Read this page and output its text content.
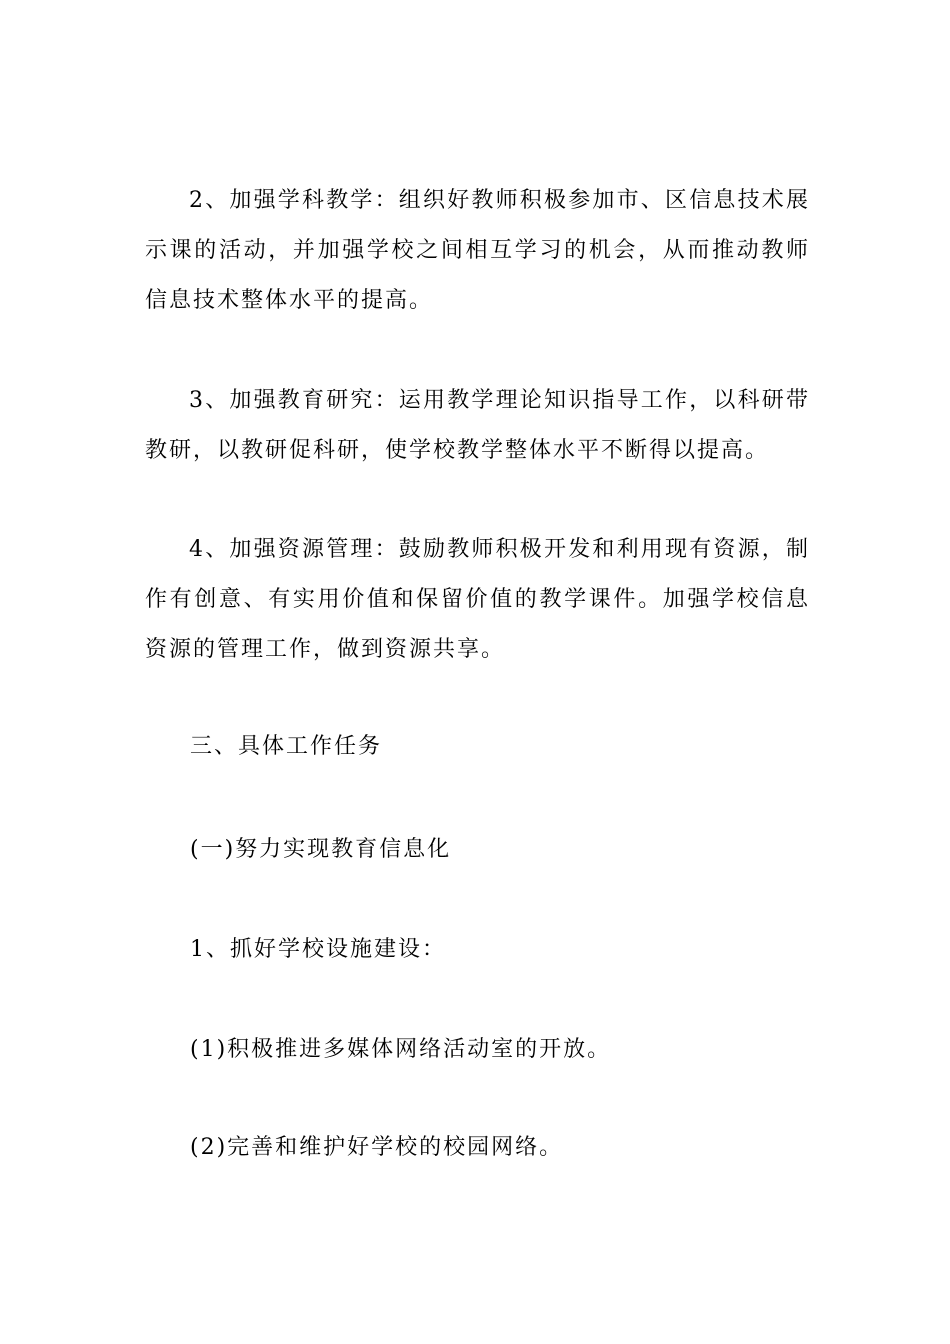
2、加强学科教学：组织好教师积极参加市、区信息技术展示课的活动，并加强学校之间相互学习的机会，从而推动教师信息技术整体水平的提高。

3、加强教育研究：运用教学理论知识指导工作，以科研带教研，以教研促科研，使学校教学整体水平不断得以提高。

4、加强资源管理：鼓励教师积极开发和利用现有资源，制作有创意、有实用价值和保留价值的教学课件。加强学校信息资源的管理工作，做到资源共享。

三、具体工作任务

(一)努力实现教育信息化

1、抓好学校设施建设：

(1)积极推进多媒体网络活动室的开放。

(2)完善和维护好学校的校园网络。
